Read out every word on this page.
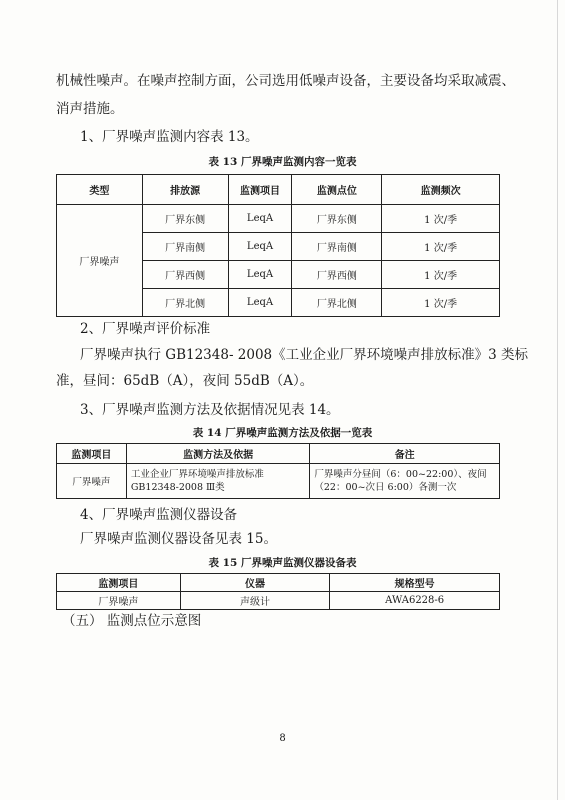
机械性噪声。在噪声控制方面，公司选用低噪声设备，主要设备均采取减震、
消声措施。
1、厂界噪声监测内容表 13。
表 13 厂界噪声监测内容一览表
类型	排放源	监测项目	监测点位	监测频次
厂界噪声	厂界东侧	LeqA	厂界东侧	1 次/季
	厂界南侧	LeqA	厂界南侧	1 次/季
	厂界西侧	LeqA	厂界西侧	1 次/季
	厂界北侧	LeqA	厂界北侧	1 次/季
2、厂界噪声评价标准
厂界噪声执行 GB12348- 2008《工业企业厂界环境噪声排放标准》3 类标
准，昼间：65dB（A），夜间 55dB（A）。
3、厂界噪声监测方法及依据情况见表 14。
表 14 厂界噪声监测方法及依据一览表
监测项目	监测方法及依据	备注
厂界噪声	工业企业厂界环境噪声排放标准 GB12348-2008 Ⅲ类	厂界噪声分昼间（6：00~22:00）、夜间（22：00~次日 6:00）各测一次
4、厂界噪声监测仪器设备
厂界噪声监测仪器设备见表 15。
表 15 厂界噪声监测仪器设备表
监测项目	仪器	规格型号
厂界噪声	声级计	AWA6228-6
（五） 监测点位示意图
8
